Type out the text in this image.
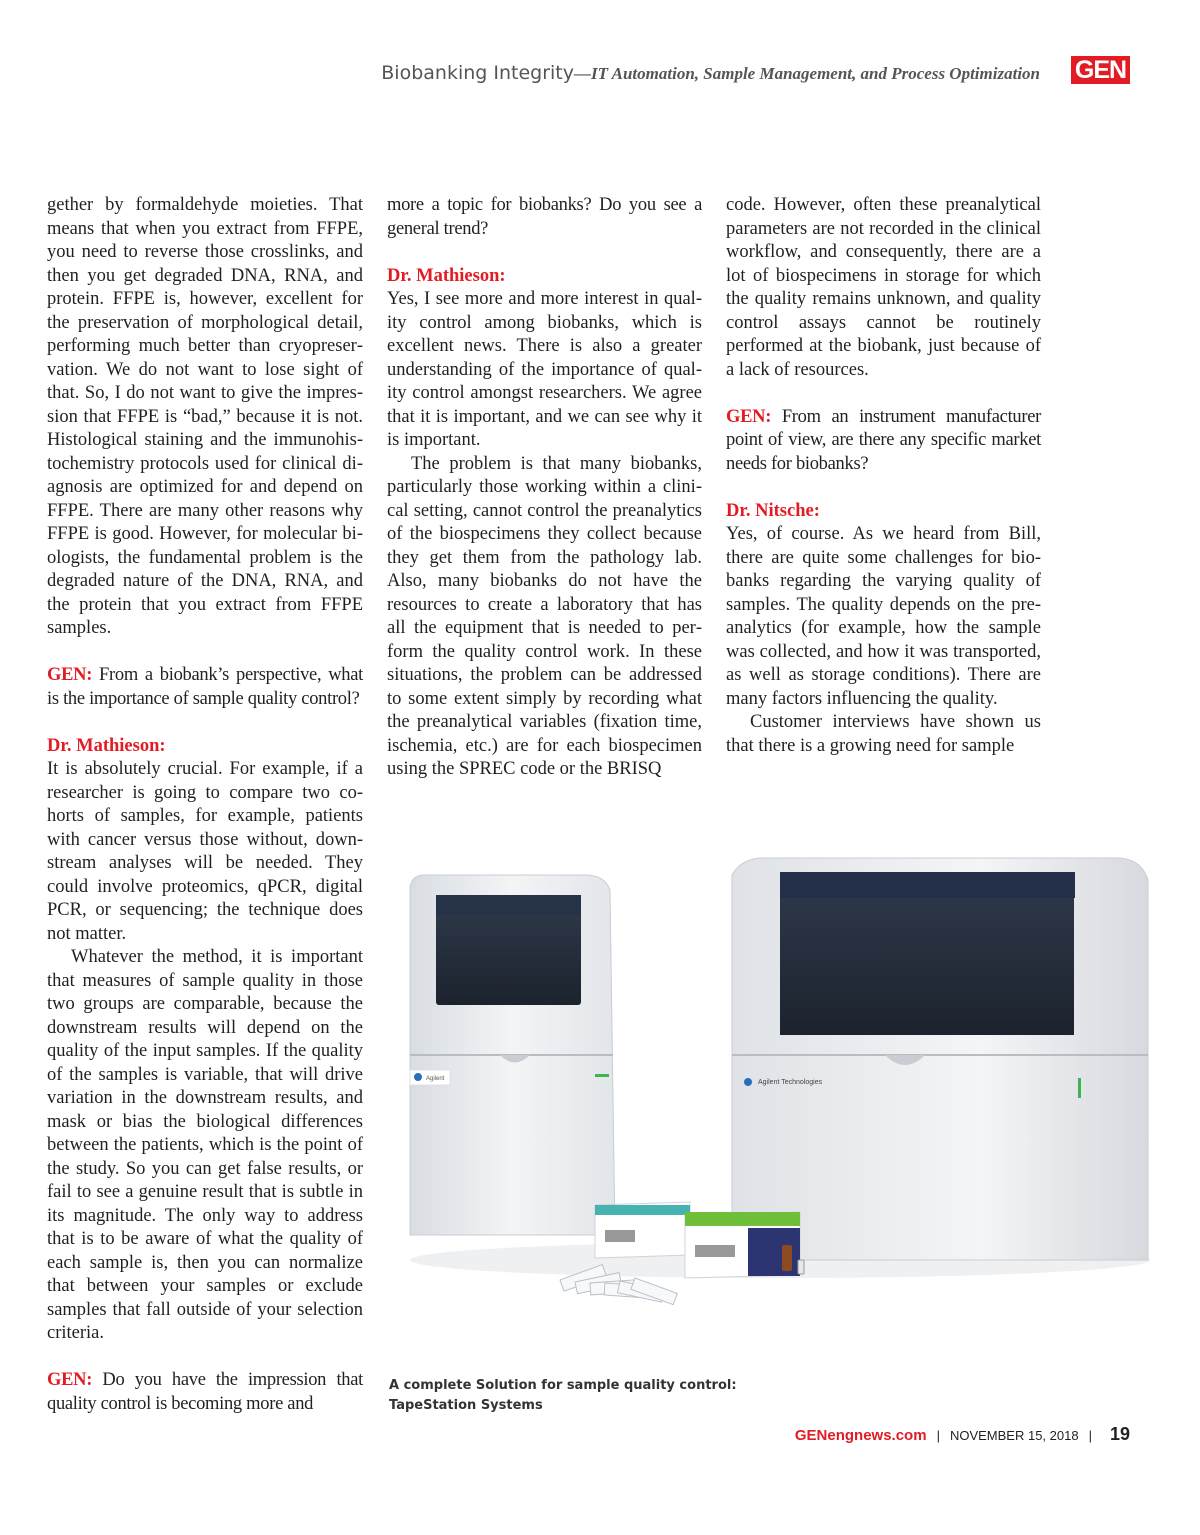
Biobanking Integrity—IT Automation, Sample Management, and Process Optimization GEN

gether by formaldehyde moieties. That means that when you extract from FFPE, you need to reverse those crosslinks, and then you get degraded DNA, RNA, and protein. FFPE is, however, excellent for the preservation of morphological detail, performing much better than cryopreservation. We do not want to lose sight of that. So, I do not want to give the impression that FFPE is “bad,” because it is not. Histological staining and the immunohistochemistry protocols used for clinical diagnosis are optimized for and depend on FFPE. There are many other reasons why FFPE is good. However, for molecular biologists, the fundamental problem is the degraded nature of the DNA, RNA, and the protein that you extract from FFPE samples.

GEN: From a biobank’s perspective, what is the importance of sample quality control?

Dr. Mathieson:

It is absolutely crucial. For example, if a researcher is going to compare two cohorts of samples, for example, patients with cancer versus those without, downstream analyses will be needed. They could involve proteomics, qPCR, digital PCR, or sequencing; the technique does not matter.

Whatever the method, it is important that measures of sample quality in those two groups are comparable, because the downstream results will depend on the quality of the input samples. If the quality of the samples is variable, that will drive variation in the downstream results, and mask or bias the biological differences between the patients, which is the point of the study. So you can get false results, or fail to see a genuine result that is subtle in its magnitude. The only way to address that is to be aware of what the quality of each sample is, then you can normalize that between your samples or exclude samples that fall outside of your selection criteria.

GEN: Do you have the impression that quality control is becoming more and

more a topic for biobanks? Do you see a general trend?

Dr. Mathieson:

Yes, I see more and more interest in quality control among biobanks, which is excellent news. There is also a greater understanding of the importance of quality control amongst researchers. We agree that it is important, and we can see why it is important.

The problem is that many biobanks, particularly those working within a clinical setting, cannot control the preanalytics of the biospecimens they collect because they get them from the pathology lab. Also, many biobanks do not have the resources to create a laboratory that has all the equipment that is needed to perform the quality control work. In these situations, the problem can be addressed to some extent simply by recording what the preanalytical variables (fixation time, ischemia, etc.) are for each biospecimen using the SPREC code or the BRISQ

code. However, often these preanalytical parameters are not recorded in the clinical workflow, and consequently, there are a lot of biospecimens in storage for which the quality remains unknown, and quality control assays cannot be routinely performed at the biobank, just because of a lack of resources.

GEN: From an instrument manufacturer point of view, are there any specific market needs for biobanks?

Dr. Nitsche:

Yes, of course. As we heard from Bill, there are quite some challenges for biobanks regarding the varying quality of samples. The quality depends on the preanalytics (for example, how the sample was collected, and how it was transported, as well as storage conditions). There are many factors influencing the quality.

Customer interviews have shown us that there is a growing need for sample

Agilent	Agilent Technologies
A complete Solution for sample quality control:
TapeStation Systems
GENengnews.com | NOVEMBER 15, 2018 | 19
